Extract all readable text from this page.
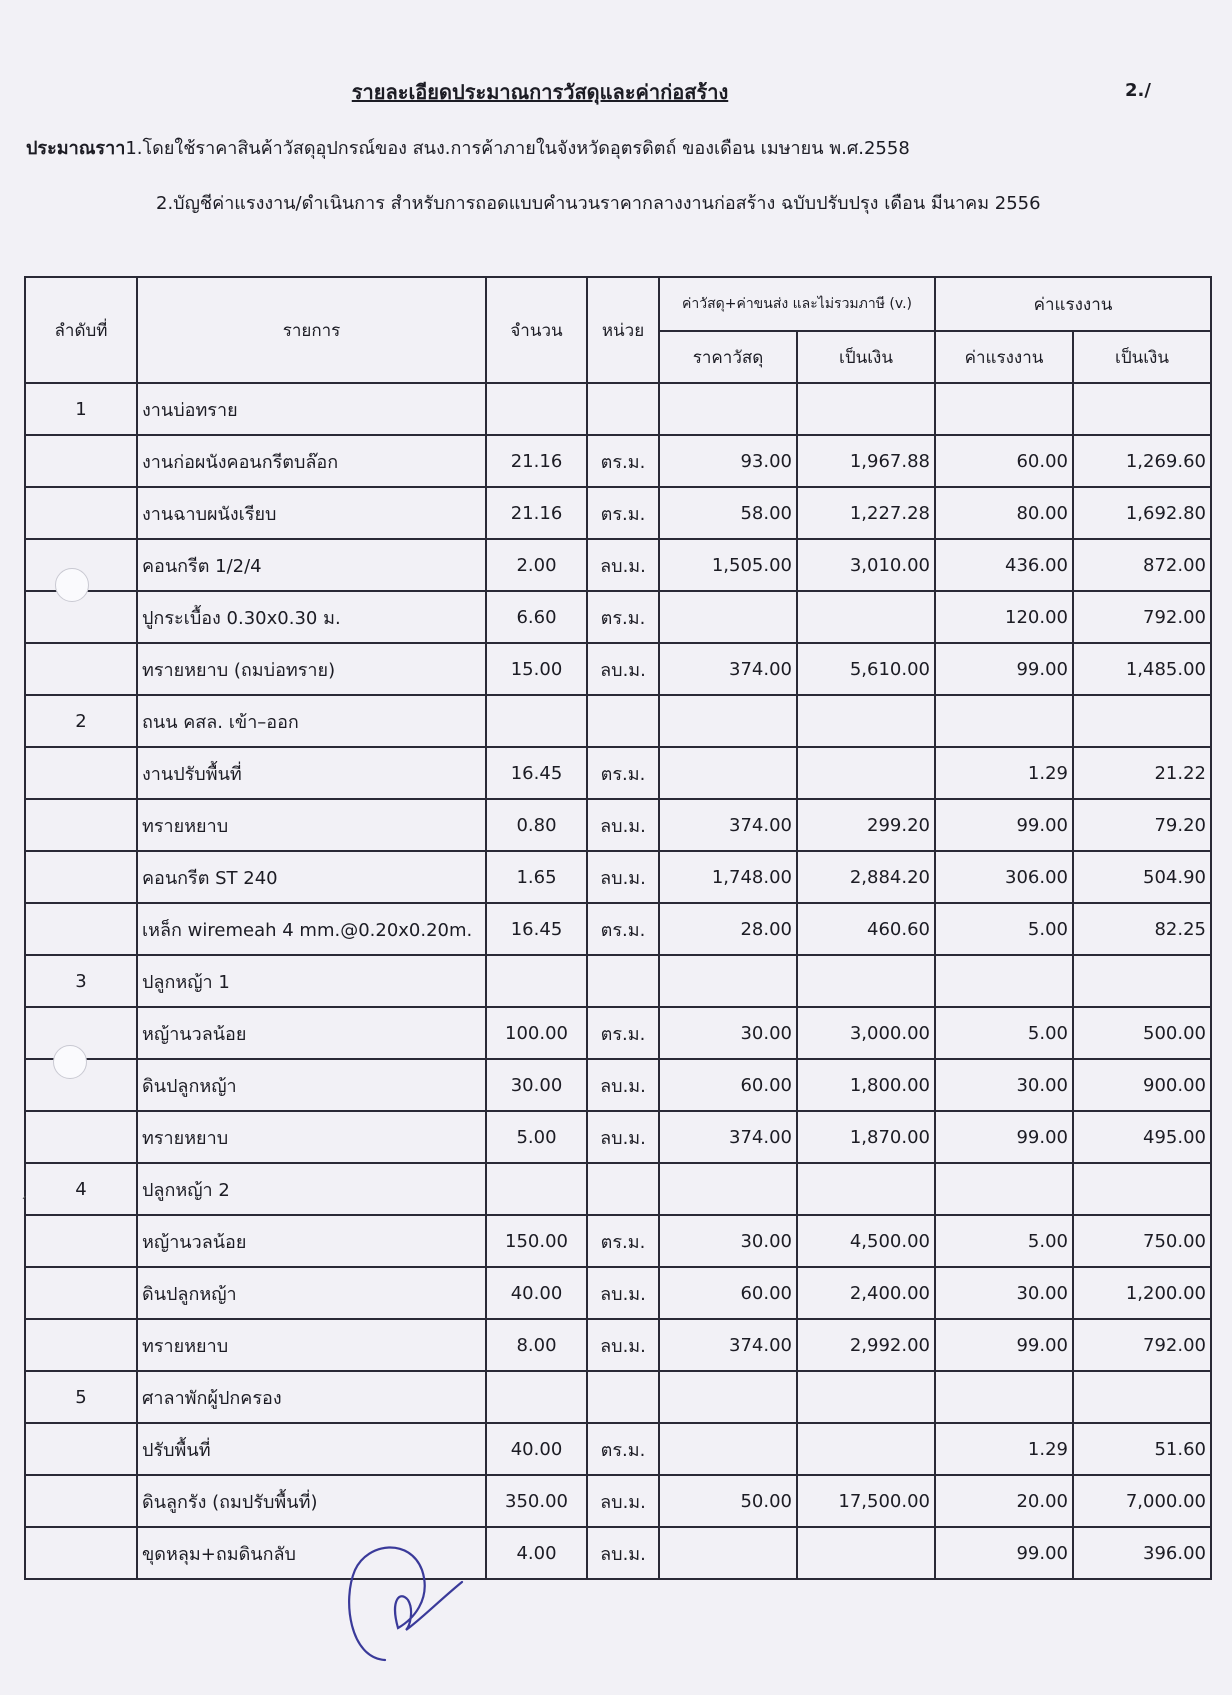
รายละเอียดประมาณการวัสดุและค่าก่อสร้าง	2./
ประมาณราา1.โดยใช้ราคาสินค้าวัสดุอุปกรณ์ของ สนง.การค้าภายในจังหวัดอุตรดิตถ์ ของเดือน เมษายน พ.ศ.2558
2.บัญชีค่าแรงงาน/ดำเนินการ สำหรับการถอดแบบคำนวนราคากลางงานก่อสร้าง ฉบับปรับปรุง เดือน มีนาคม 2556
ลำดับที่	รายการ	จำนวน	หน่วย	ค่าวัสดุ+ค่าขนส่ง และไม่รวมภาษี (v.)		ค่าแรงงาน	
				ราคาวัสดุ	เป็นเงิน	ค่าแรงงาน	เป็นเงิน
1	งานบ่อทราย						
	งานก่อผนังคอนกรีตบล๊อก	21.16	ตร.ม.	93.00	1,967.88	60.00	1,269.60
	งานฉาบผนังเรียบ	21.16	ตร.ม.	58.00	1,227.28	80.00	1,692.80
	คอนกรีต 1/2/4	2.00	ลบ.ม.	1,505.00	3,010.00	436.00	872.00
	ปูกระเบื้อง 0.30x0.30 ม.	6.60	ตร.ม.			120.00	792.00
	ทรายหยาบ (ถมบ่อทราย)	15.00	ลบ.ม.	374.00	5,610.00	99.00	1,485.00
2	ถนน คสล. เข้า–ออก						
	งานปรับพื้นที่	16.45	ตร.ม.			1.29	21.22
	ทรายหยาบ	0.80	ลบ.ม.	374.00	299.20	99.00	79.20
	คอนกรีต ST 240	1.65	ลบ.ม.	1,748.00	2,884.20	306.00	504.90
	เหล็ก wiremeah 4 mm.@0.20x0.20m.	16.45	ตร.ม.	28.00	460.60	5.00	82.25
3	ปลูกหญ้า 1						
	หญ้านวลน้อย	100.00	ตร.ม.	30.00	3,000.00	5.00	500.00
	ดินปลูกหญ้า	30.00	ลบ.ม.	60.00	1,800.00	30.00	900.00
	ทรายหยาบ	5.00	ลบ.ม.	374.00	1,870.00	99.00	495.00
4	ปลูกหญ้า 2						
	หญ้านวลน้อย	150.00	ตร.ม.	30.00	4,500.00	5.00	750.00
	ดินปลูกหญ้า	40.00	ลบ.ม.	60.00	2,400.00	30.00	1,200.00
	ทรายหยาบ	8.00	ลบ.ม.	374.00	2,992.00	99.00	792.00
5	ศาลาพักผู้ปกครอง						
	ปรับพื้นที่	40.00	ตร.ม.			1.29	51.60
	ดินลูกรัง (ถมปรับพื้นที่)	350.00	ลบ.ม.	50.00	17,500.00	20.00	7,000.00
	ขุดหลุม+ถมดินกลับ	4.00	ลบ.ม.			99.00	396.00
ˊ
